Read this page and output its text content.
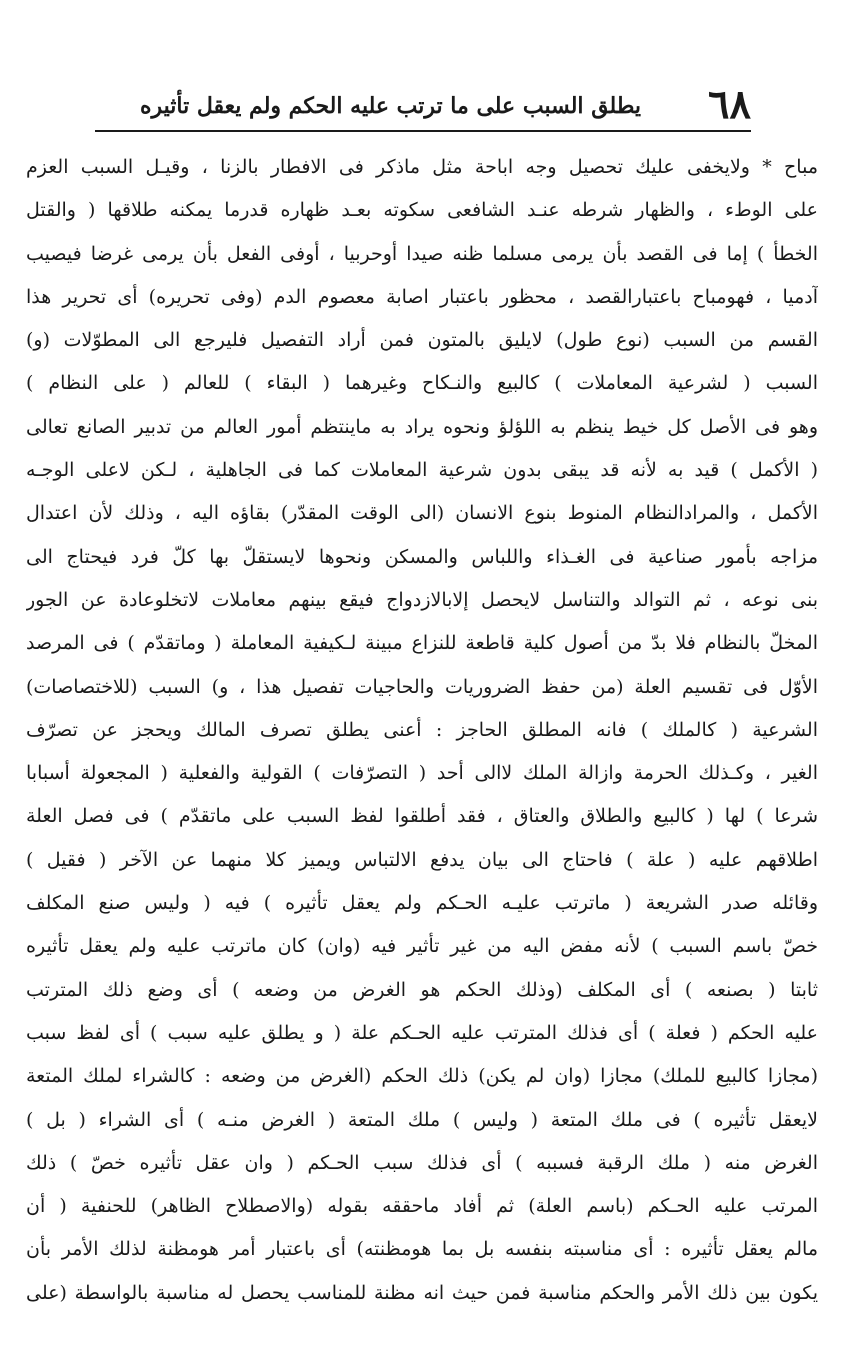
٦٨
يطلق السبب على ما ترتب عليه الحكم ولم يعقل تأثيره
مباح * ولايخفى عليك تحصيل وجه اباحة مثل ماذكر فى الافطار بالزنا ، وقيـل السبب العزم
على الوطء ، والظهار شرطه عنـد الشافعى سكوته بعـد ظهاره قدرما يمكنه طلاقها ( والقتل
الخطأ ) إما فى القصد بأن يرمى مسلما ظنه صيدا أوحربيا ، أوفى الفعل بأن يرمى غرضا فيصيب
آدميا ، فهومباح باعتبارالقصد ، محظور باعتبار اصابة معصوم الدم (وفى تحريره) أى تحرير هذا
القسم من السبب (نوع طول) لايليق بالمتون فمن أراد التفصيل فليرجع الى المطوّلات (و)
السبب ( لشرعية المعاملات ) كالبيع والنـكاح وغيرهما ( البقاء ) للعالم ( على النظام )
وهو فى الأصل كل خيط ينظم به اللؤلؤ ونحوه يراد به ماينتظم أمور العالم من تدبير الصانع تعالى
( الأكمل ) قيد به لأنه قد يبقى بدون شرعية المعاملات كما فى الجاهلية ، لـكن لاعلى الوجـه
الأكمل ، والمرادالنظام المنوط بنوع الانسان (الى الوقت المقدّر) بقاؤه اليه ، وذلك لأن اعتدال
مزاجه بأمور صناعية فى الغـذاء واللباس والمسكن ونحوها لايستقلّ بها كلّ فرد فيحتاج الى
بنى نوعه ، ثم التوالد والتناسل لايحصل إلابالازدواج فيقع بينهم معاملات لاتخلوعادة عن الجور
المخلّ بالنظام فلا بدّ من أصول كلية قاطعة للنزاع مبينة لـكيفية المعاملة ( وماتقدّم ) فى المرصد
الأوّل فى تقسيم العلة (من حفظ الضروريات والحاجيات تفصيل هذا ، و) السبب (للاختصاصات)
الشرعية ( كالملك ) فانه المطلق الحاجز : أعنى يطلق تصرف المالك ويحجز عن تصرّف
الغير ، وكـذلك الحرمة وازالة الملك لاالى أحد ( التصرّفات ) القولية والفعلية ( المجعولة أسبابا
شرعا ) لها ( كالبيع والطلاق والعتاق ، فقد أطلقوا لفظ السبب على ماتقدّم ) فى فصل العلة
اطلاقهم عليه ( علة ) فاحتاج الى بيان يدفع الالتباس ويميز كلا منهما عن الآخر ( فقيل )
وقائله صدر الشريعة ( ماترتب عليـه الحـكم ولم يعقل تأثيره ) فيه ( وليس صنع المكلف
خصّ باسم السبب ) لأنه مفض اليه من غير تأثير فيه (وان) كان ماترتب عليه ولم يعقل تأثيره
ثابتا ( بصنعه ) أى المكلف (وذلك الحكم هو الغرض من وضعه ) أى وضع ذلك المترتب
عليه الحكم ( فعلة ) أى فذلك المترتب عليه الحـكم علة ( و يطلق عليه سبب ) أى لفظ سبب
(مجازا كالبيع للملك) مجازا (وان لم يكن) ذلك الحكم (الغرض من وضعه : كالشراء لملك المتعة
لايعقل تأثيره ) فى ملك المتعة ( وليس ) ملك المتعة ( الغرض منـه ) أى الشراء ( بل )
الغرض منه ( ملك الرقبة فسببه ) أى فذلك سبب الحـكم ( وان عقل تأثيره خصّ ) ذلك
المرتب عليه الحـكم (باسم العلة) ثم أفاد ماحققه بقوله (والاصطلاح الظاهر) للحنفية ( أن
مالم يعقل تأثيره : أى مناسبته بنفسه بل بما هومظنته) أى باعتبار أمر هومظنة لذلك الأمر بأن
يكون بين ذلك الأمر والحكم مناسبة فمن حيث انه مظنة للمناسب يحصل له مناسبة بالواسطة (على
